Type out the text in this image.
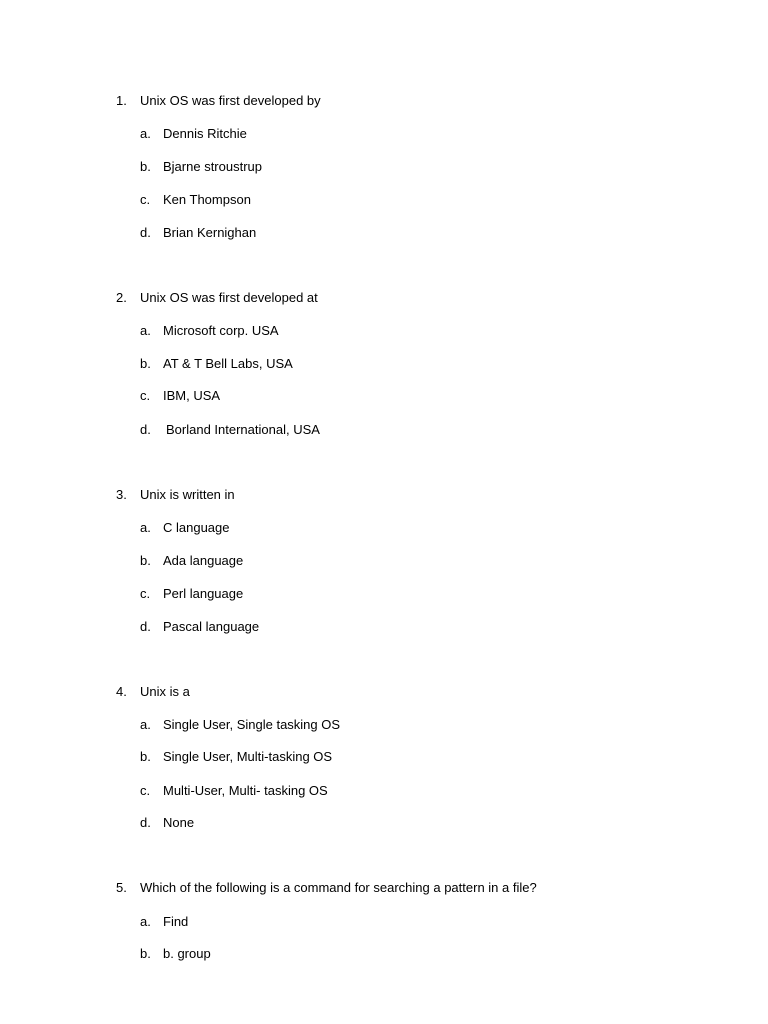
1. Unix OS was first developed by
a. Dennis Ritchie
b. Bjarne stroustrup
c. Ken Thompson
d. Brian Kernighan
2. Unix OS was first developed at
a. Microsoft corp. USA
b. AT & T Bell Labs, USA
c. IBM, USA
d. Borland International, USA
3. Unix is written in
a. C language
b. Ada language
c. Perl language
d. Pascal language
4. Unix is a
a. Single User, Single tasking OS
b. Single User, Multi-tasking OS
c. Multi-User, Multi- tasking OS
d. None
5. Which of the following is a command for searching a pattern in a file?
a. Find
b. b. group
